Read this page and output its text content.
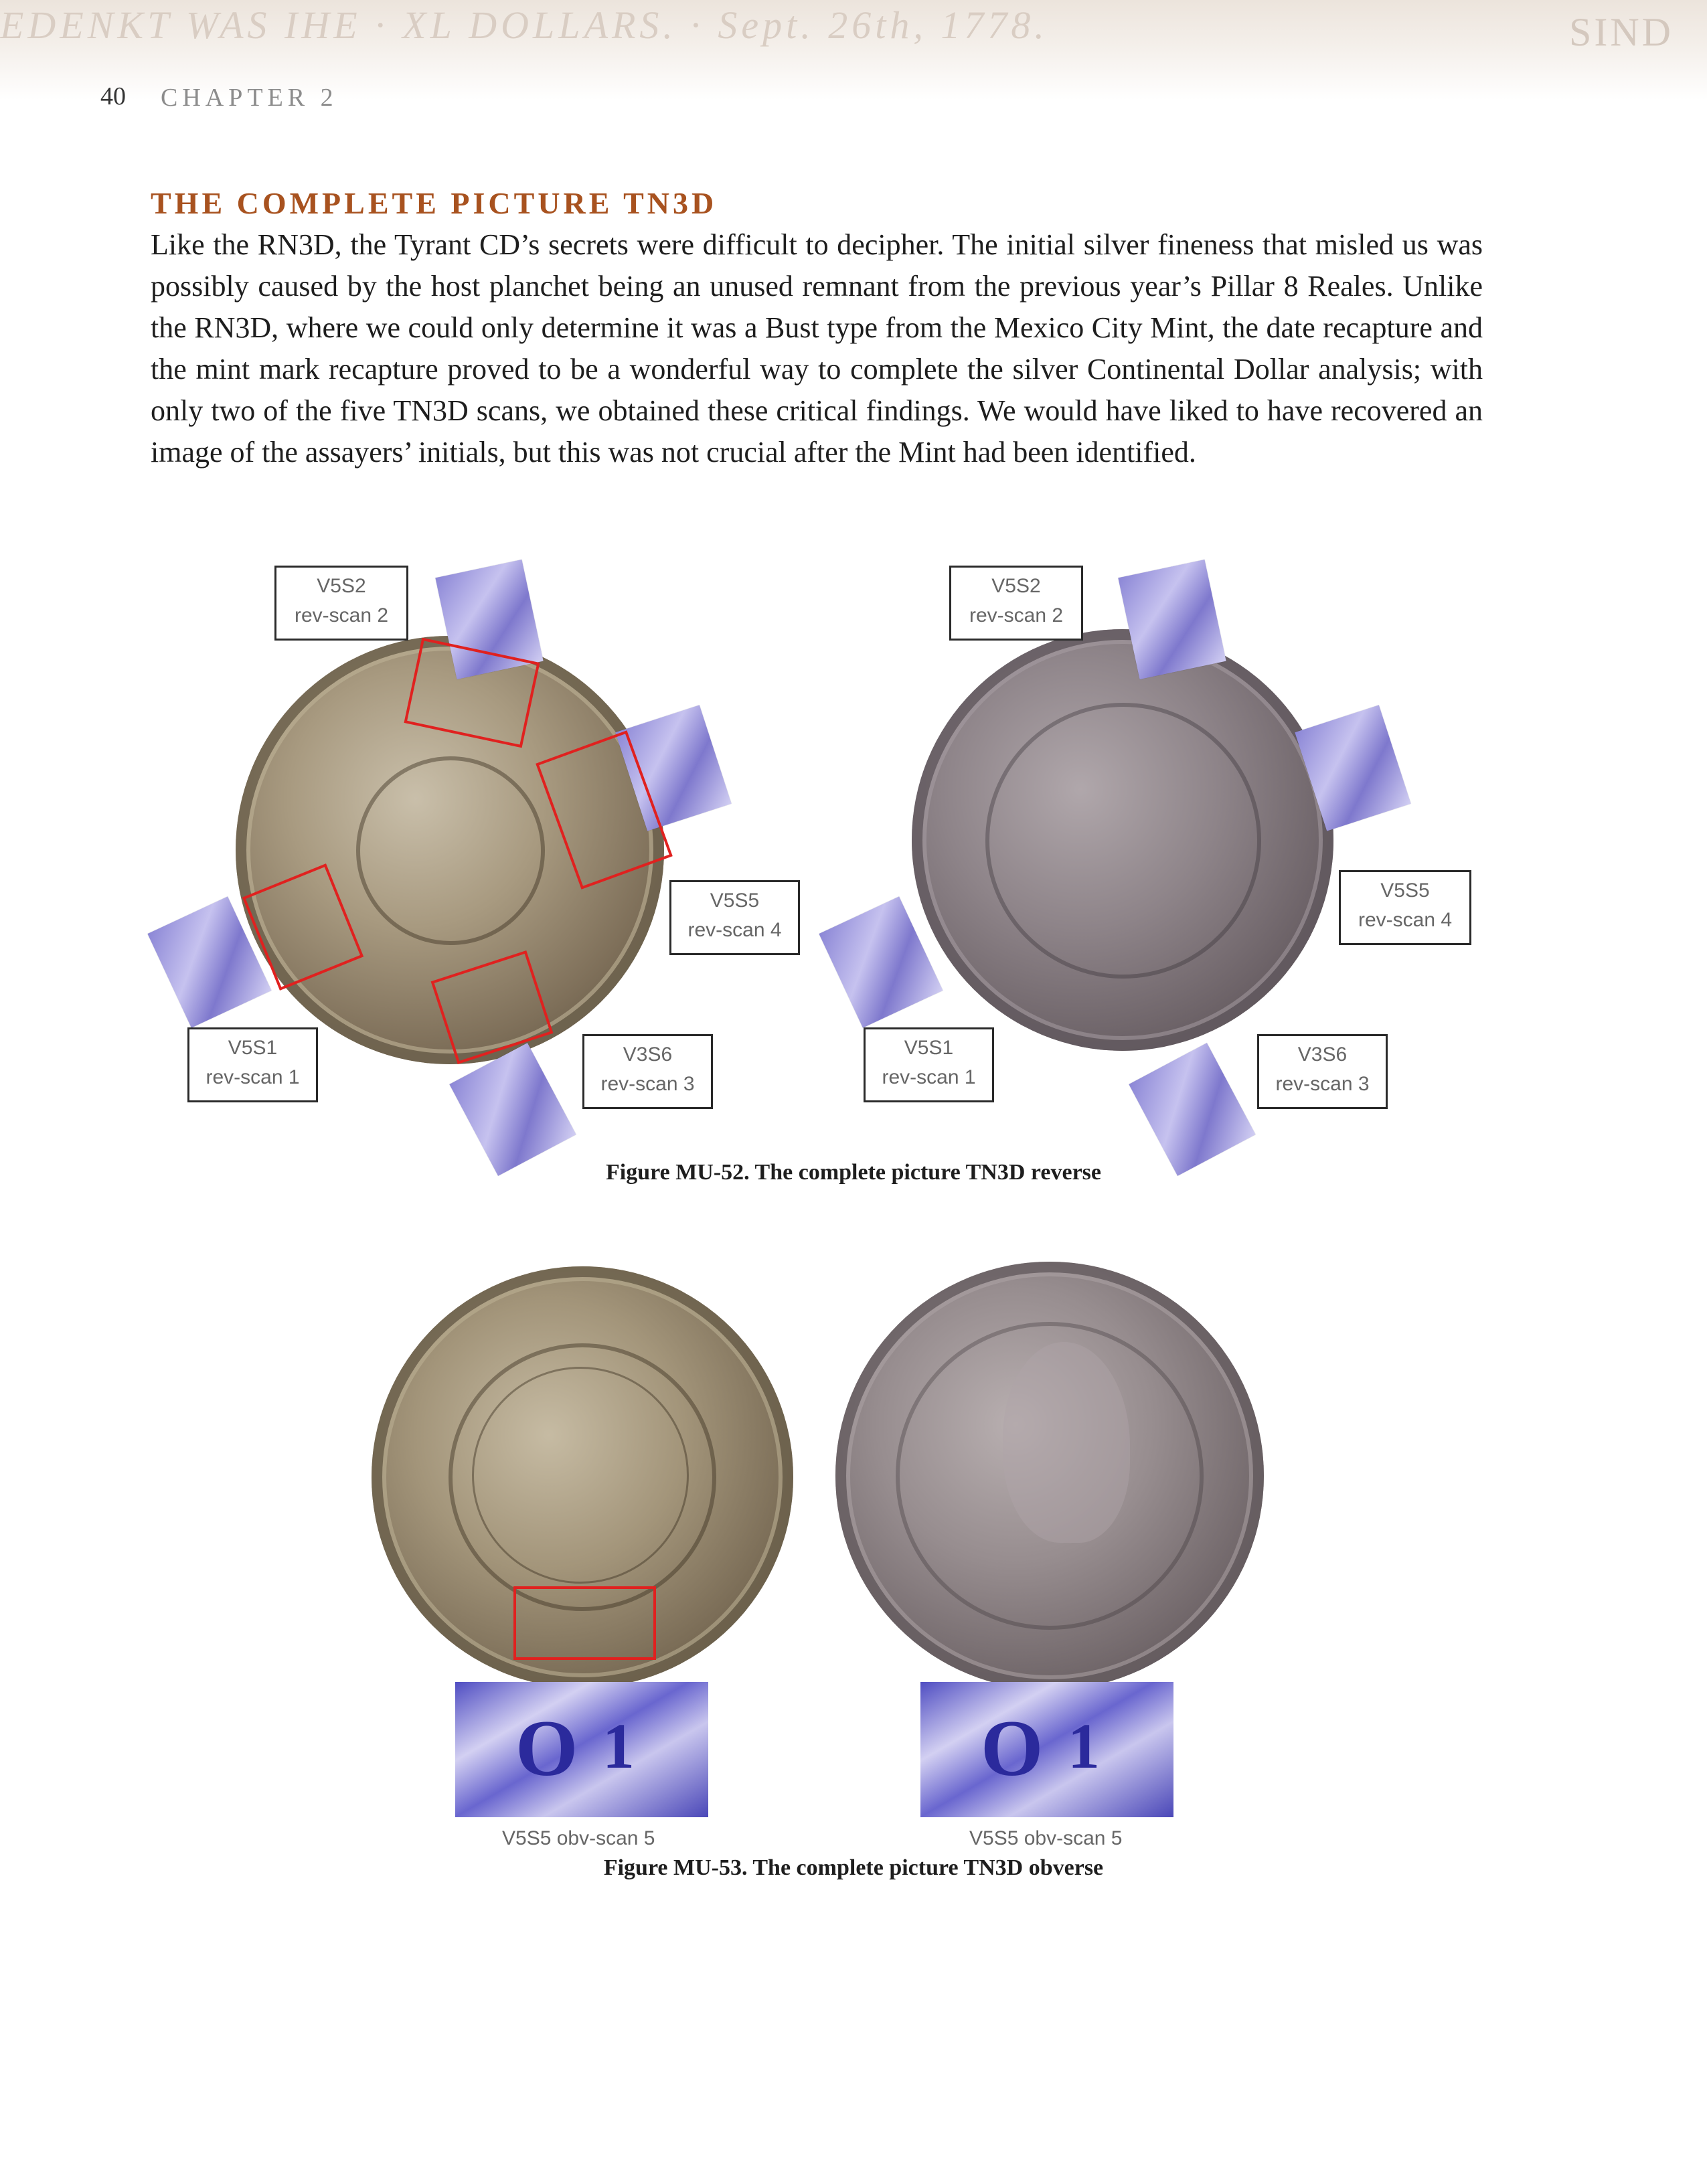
EDENKT WAS IHE · XL DOLLARS. · Sept. 26th, 1778.	SIND
40 CHAPTER 2
THE COMPLETE PICTURE TN3D
Like the RN3D, the Tyrant CD’s secrets were difficult to decipher. The initial silver fineness that misled us was possibly caused by the host planchet being an unused remnant from the previous year’s Pillar 8 Reales. Unlike the RN3D, where we could only determine it was a Bust type from the Mexico City Mint, the date recapture and the mint mark recapture proved to be a wonderful way to complete the silver Continental Dollar analysis; with only two of the five TN3D scans, we obtained these critical findings. We would have liked to have recovered an image of the assayers’ initials, but this was not crucial after the Mint had been identified.
V5S2
rev-scan 2
V5S5
rev-scan 4
V5S1
rev-scan 1
V3S6
rev-scan 3
V5S2
rev-scan 2
V5S5
rev-scan 4
V5S1
rev-scan 1
V3S6
rev-scan 3
Figure MU-52. The complete picture TN3D reverse
O 1	O 1
V5S5 obv-scan 5	V5S5 obv-scan 5
Figure MU-53. The complete picture TN3D obverse
